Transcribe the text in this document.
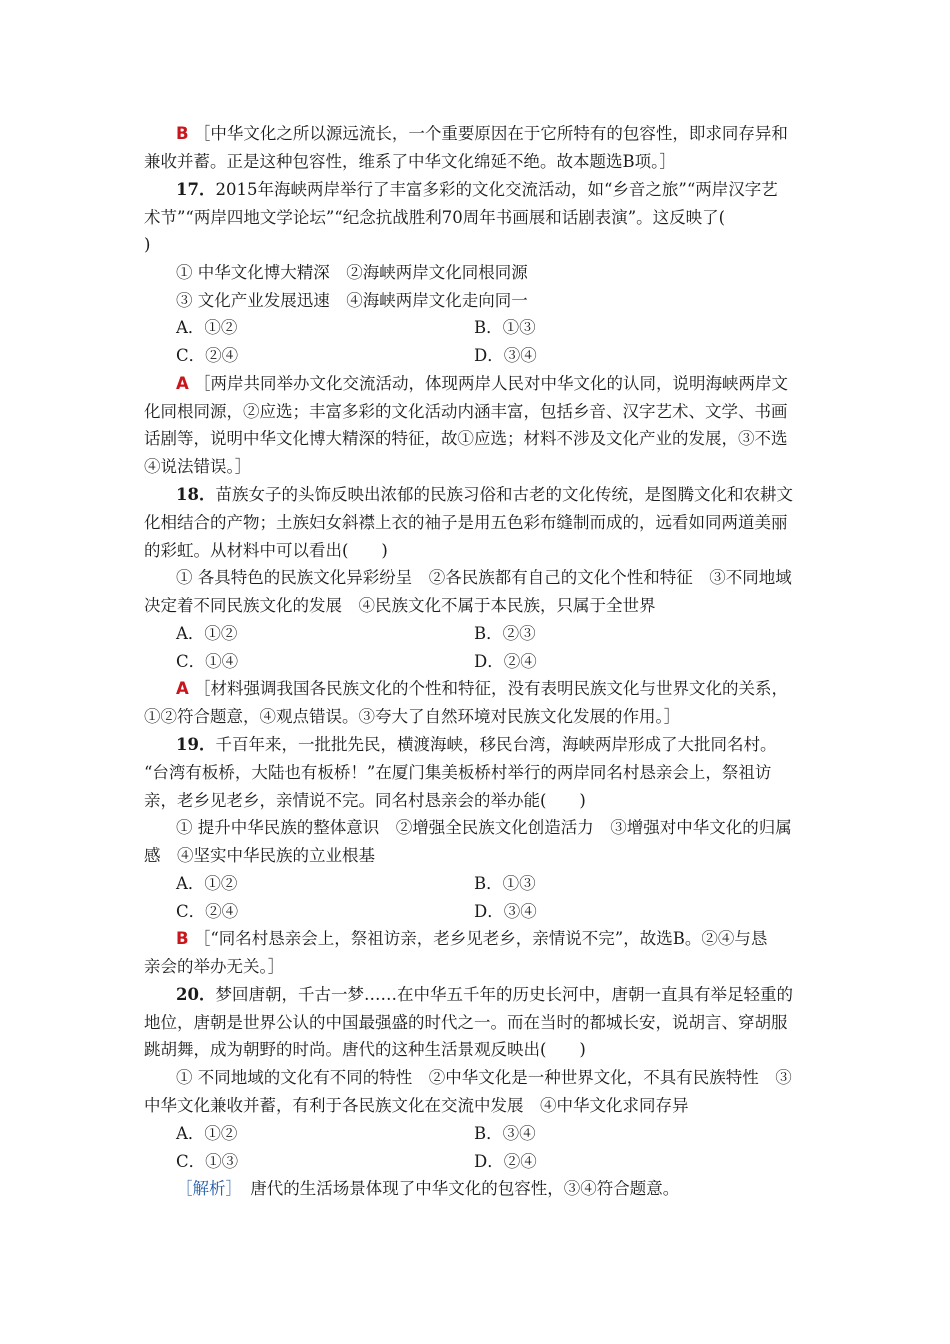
B ［中华文化之所以源远流长，一个重要原因在于它所特有的包容性，即求同存异和
兼收并蓄。正是这种包容性，维系了中华文化绵延不绝。故本题选B项。］
17．2015年海峡两岸举行了丰富多彩的文化交流活动，如“乡音之旅”“两岸汉字艺
术节”“两岸四地文学论坛”“纪念抗战胜利70周年书画展和话剧表演”。这反映了(
)
① 中华文化博大精深　②海峡两岸文化同根同源
③ 文化产业发展迅速　④海峡两岸文化走向同一
A．①②	B．①③
C．②④	D．③④
A ［两岸共同举办文化交流活动，体现两岸人民对中华文化的认同，说明海峡两岸文
化同根同源，②应选；丰富多彩的文化活动内涵丰富，包括乡音、汉字艺术、文学、书画
话剧等，说明中华文化博大精深的特征，故①应选；材料不涉及文化产业的发展，③不选
④说法错误。］
18．苗族女子的头饰反映出浓郁的民族习俗和古老的文化传统，是图腾文化和农耕文
化相结合的产物；土族妇女斜襟上衣的袖子是用五色彩布缝制而成的，远看如同两道美丽
的彩虹。从材料中可以看出(　　)
① 各具特色的民族文化异彩纷呈　②各民族都有自己的文化个性和特征　③不同地域
决定着不同民族文化的发展　④民族文化不属于本民族，只属于全世界
A．①②	B．②③
C．①④	D．②④
A ［材料强调我国各民族文化的个性和特征，没有表明民族文化与世界文化的关系，
①②符合题意，④观点错误。③夸大了自然环境对民族文化发展的作用。］
19．千百年来，一批批先民，横渡海峡，移民台湾，海峡两岸形成了大批同名村。
“台湾有板桥，大陆也有板桥！”在厦门集美板桥村举行的两岸同名村恳亲会上，祭祖访
亲，老乡见老乡，亲情说不完。同名村恳亲会的举办能(　　)
① 提升中华民族的整体意识　②增强全民族文化创造活力　③增强对中华文化的归属
感　④坚实中华民族的立业根基
A．①②	B．①③
C．②④	D．③④
B ［“同名村恳亲会上，祭祖访亲，老乡见老乡，亲情说不完”，故选B。②④与恳
亲会的举办无关。］
20．梦回唐朝，千古一梦……在中华五千年的历史长河中，唐朝一直具有举足轻重的
地位，唐朝是世界公认的中国最强盛的时代之一。而在当时的都城长安，说胡言、穿胡服
跳胡舞，成为朝野的时尚。唐代的这种生活景观反映出(　　)
① 不同地域的文化有不同的特性　②中华文化是一种世界文化，不具有民族特性　③
中华文化兼收并蓄，有利于各民族文化在交流中发展　④中华文化求同存异
A．①②	B．③④
C．①③	D．②④
［解析］　 唐代的生活场景体现了中华文化的包容性，③④符合题意。
